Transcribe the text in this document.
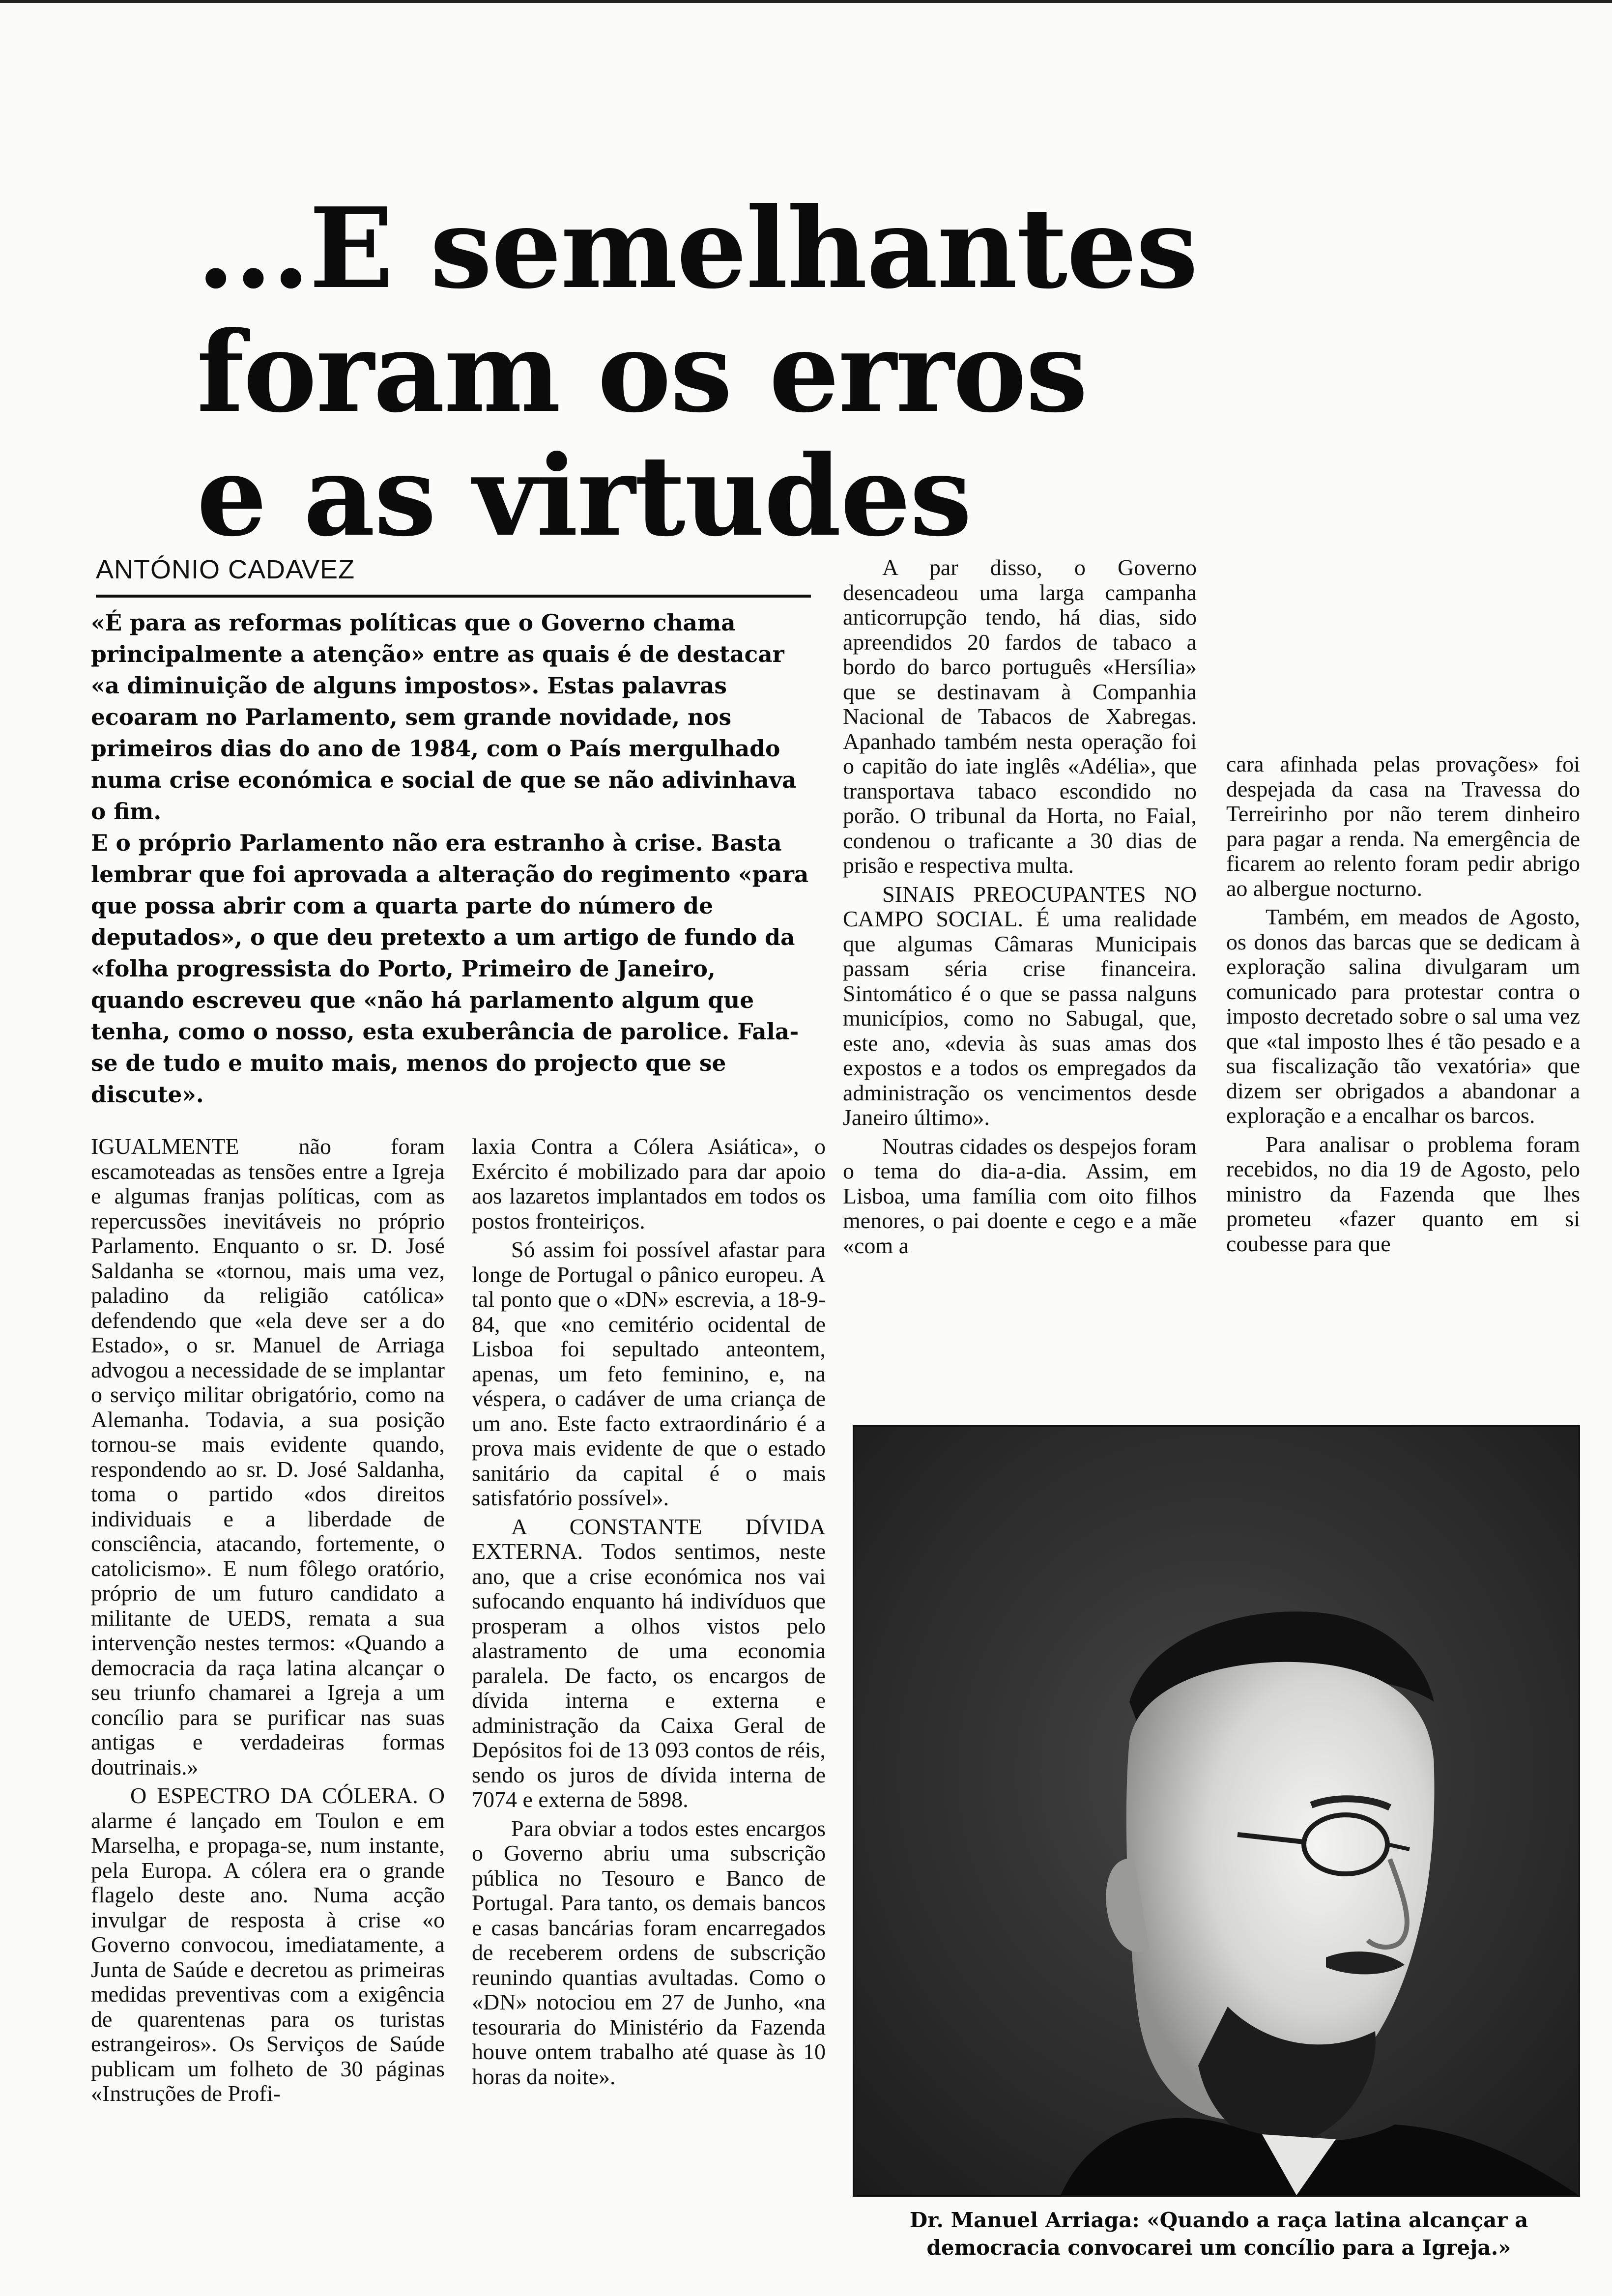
...E semelhantes
foram os erros
e as virtudes
ANTÓNIO CADAVEZ

«É para as reformas políticas que o Governo chama principalmente a atenção» entre as quais é de destacar «a diminuição de alguns impostos». Estas palavras ecoaram no Parlamento, sem grande novidade, nos primeiros dias do ano de 1984, com o País mergulhado numa crise económica e social de que se não adivinhava o fim.

E o próprio Parlamento não era estranho à crise. Basta lembrar que foi aprovada a alteração do regimento «para que possa abrir com a quarta parte do número de deputados», o que deu pretexto a um artigo de fundo da «folha progressista do Porto, Primeiro de Janeiro, quando escreveu que «não há parlamento algum que tenha, como o nosso, esta exuberância de parolice. Fala-se de tudo e muito mais, menos do projecto que se discute».

IGUALMENTE não foram escamoteadas as tensões entre a Igreja e algumas franjas políticas, com as repercussões inevitáveis no próprio Parlamento. Enquanto o sr. D. José Saldanha se «tornou, mais uma vez, paladino da religião católica» defendendo que «ela deve ser a do Estado», o sr. Manuel de Arriaga advogou a necessidade de se implantar o serviço militar obrigatório, como na Alemanha. Todavia, a sua posição tornou-se mais evidente quando, respondendo ao sr. D. José Saldanha, toma o partido «dos direitos individuais e a liberdade de consciência, atacando, fortemente, o catolicismo». E num fôlego oratório, próprio de um futuro candidato a militante de UEDS, remata a sua intervenção nestes termos: «Quando a democracia da raça latina alcançar o seu triunfo chamarei a Igreja a um concílio para se purificar nas suas antigas e verdadeiras formas doutrinais.»

O ESPECTRO DA CÓLERA. O alarme é lançado em Toulon e em Marselha, e propaga-se, num instante, pela Europa. A cólera era o grande flagelo deste ano. Numa acção invulgar de resposta à crise «o Governo convocou, imediatamente, a Junta de Saúde e decretou as primeiras medidas preventivas com a exigência de quarentenas para os turistas estrangeiros». Os Serviços de Saúde publicam um folheto de 30 páginas «Instruções de Profi-

laxia Contra a Cólera Asiática», o Exército é mobilizado para dar apoio aos lazaretos implantados em todos os postos fronteiriços.

Só assim foi possível afastar para longe de Portugal o pânico europeu. A tal ponto que o «DN» escrevia, a 18-9-84, que «no cemitério ocidental de Lisboa foi sepultado anteontem, apenas, um feto feminino, e, na véspera, o cadáver de uma criança de um ano. Este facto extraordinário é a prova mais evidente de que o estado sanitário da capital é o mais satisfatório possível».

A CONSTANTE DÍVIDA EXTERNA. Todos sentimos, neste ano, que a crise económica nos vai sufocando enquanto há indivíduos que prosperam a olhos vistos pelo alastramento de uma economia paralela. De facto, os encargos de dívida interna e externa e administração da Caixa Geral de Depósitos foi de 13 093 contos de réis, sendo os juros de dívida interna de 7074 e externa de 5898.

Para obviar a todos estes encargos o Governo abriu uma subscrição pública no Tesouro e Banco de Portugal. Para tanto, os demais bancos e casas bancárias foram encarregados de receberem ordens de subscrição reunindo quantias avultadas. Como o «DN» notociou em 27 de Junho, «na tesouraria do Ministério da Fazenda houve ontem trabalho até quase às 10 horas da noite».

A par disso, o Governo desencadeou uma larga campanha anticorrupção tendo, há dias, sido apreendidos 20 fardos de tabaco a bordo do barco português «Hersília» que se destinavam à Companhia Nacional de Tabacos de Xabregas. Apanhado também nesta operação foi o capitão do iate inglês «Adélia», que transportava tabaco escondido no porão. O tribunal da Horta, no Faial, condenou o traficante a 30 dias de prisão e respectiva multa.

SINAIS PREOCUPANTES NO CAMPO SOCIAL. É uma realidade que algumas Câmaras Municipais passam séria crise financeira. Sintomático é o que se passa nalguns municípios, como no Sabugal, que, este ano, «devia às suas amas dos expostos e a todos os empregados da administração os vencimentos desde Janeiro último».

Noutras cidades os despejos foram o tema do dia-a-dia. Assim, em Lisboa, uma família com oito filhos menores, o pai doente e cego e a mãe «com a

cara afinhada pelas provações» foi despejada da casa na Travessa do Terreirinho por não terem dinheiro para pagar a renda. Na emergência de ficarem ao relento foram pedir abrigo ao albergue nocturno.

Também, em meados de Agosto, os donos das barcas que se dedicam à exploração salina divulgaram um comunicado para protestar contra o imposto decretado sobre o sal uma vez que «tal imposto lhes é tão pesado e a sua fiscalização tão vexatória» que dizem ser obrigados a abandonar a exploração e a encalhar os barcos.

Para analisar o problema foram recebidos, no dia 19 de Agosto, pelo ministro da Fazenda que lhes prometeu «fazer quanto em si coubesse para que

Dr. Manuel Arriaga: «Quando a raça latina alcançar a democracia convocarei um concílio para a Igreja.»
